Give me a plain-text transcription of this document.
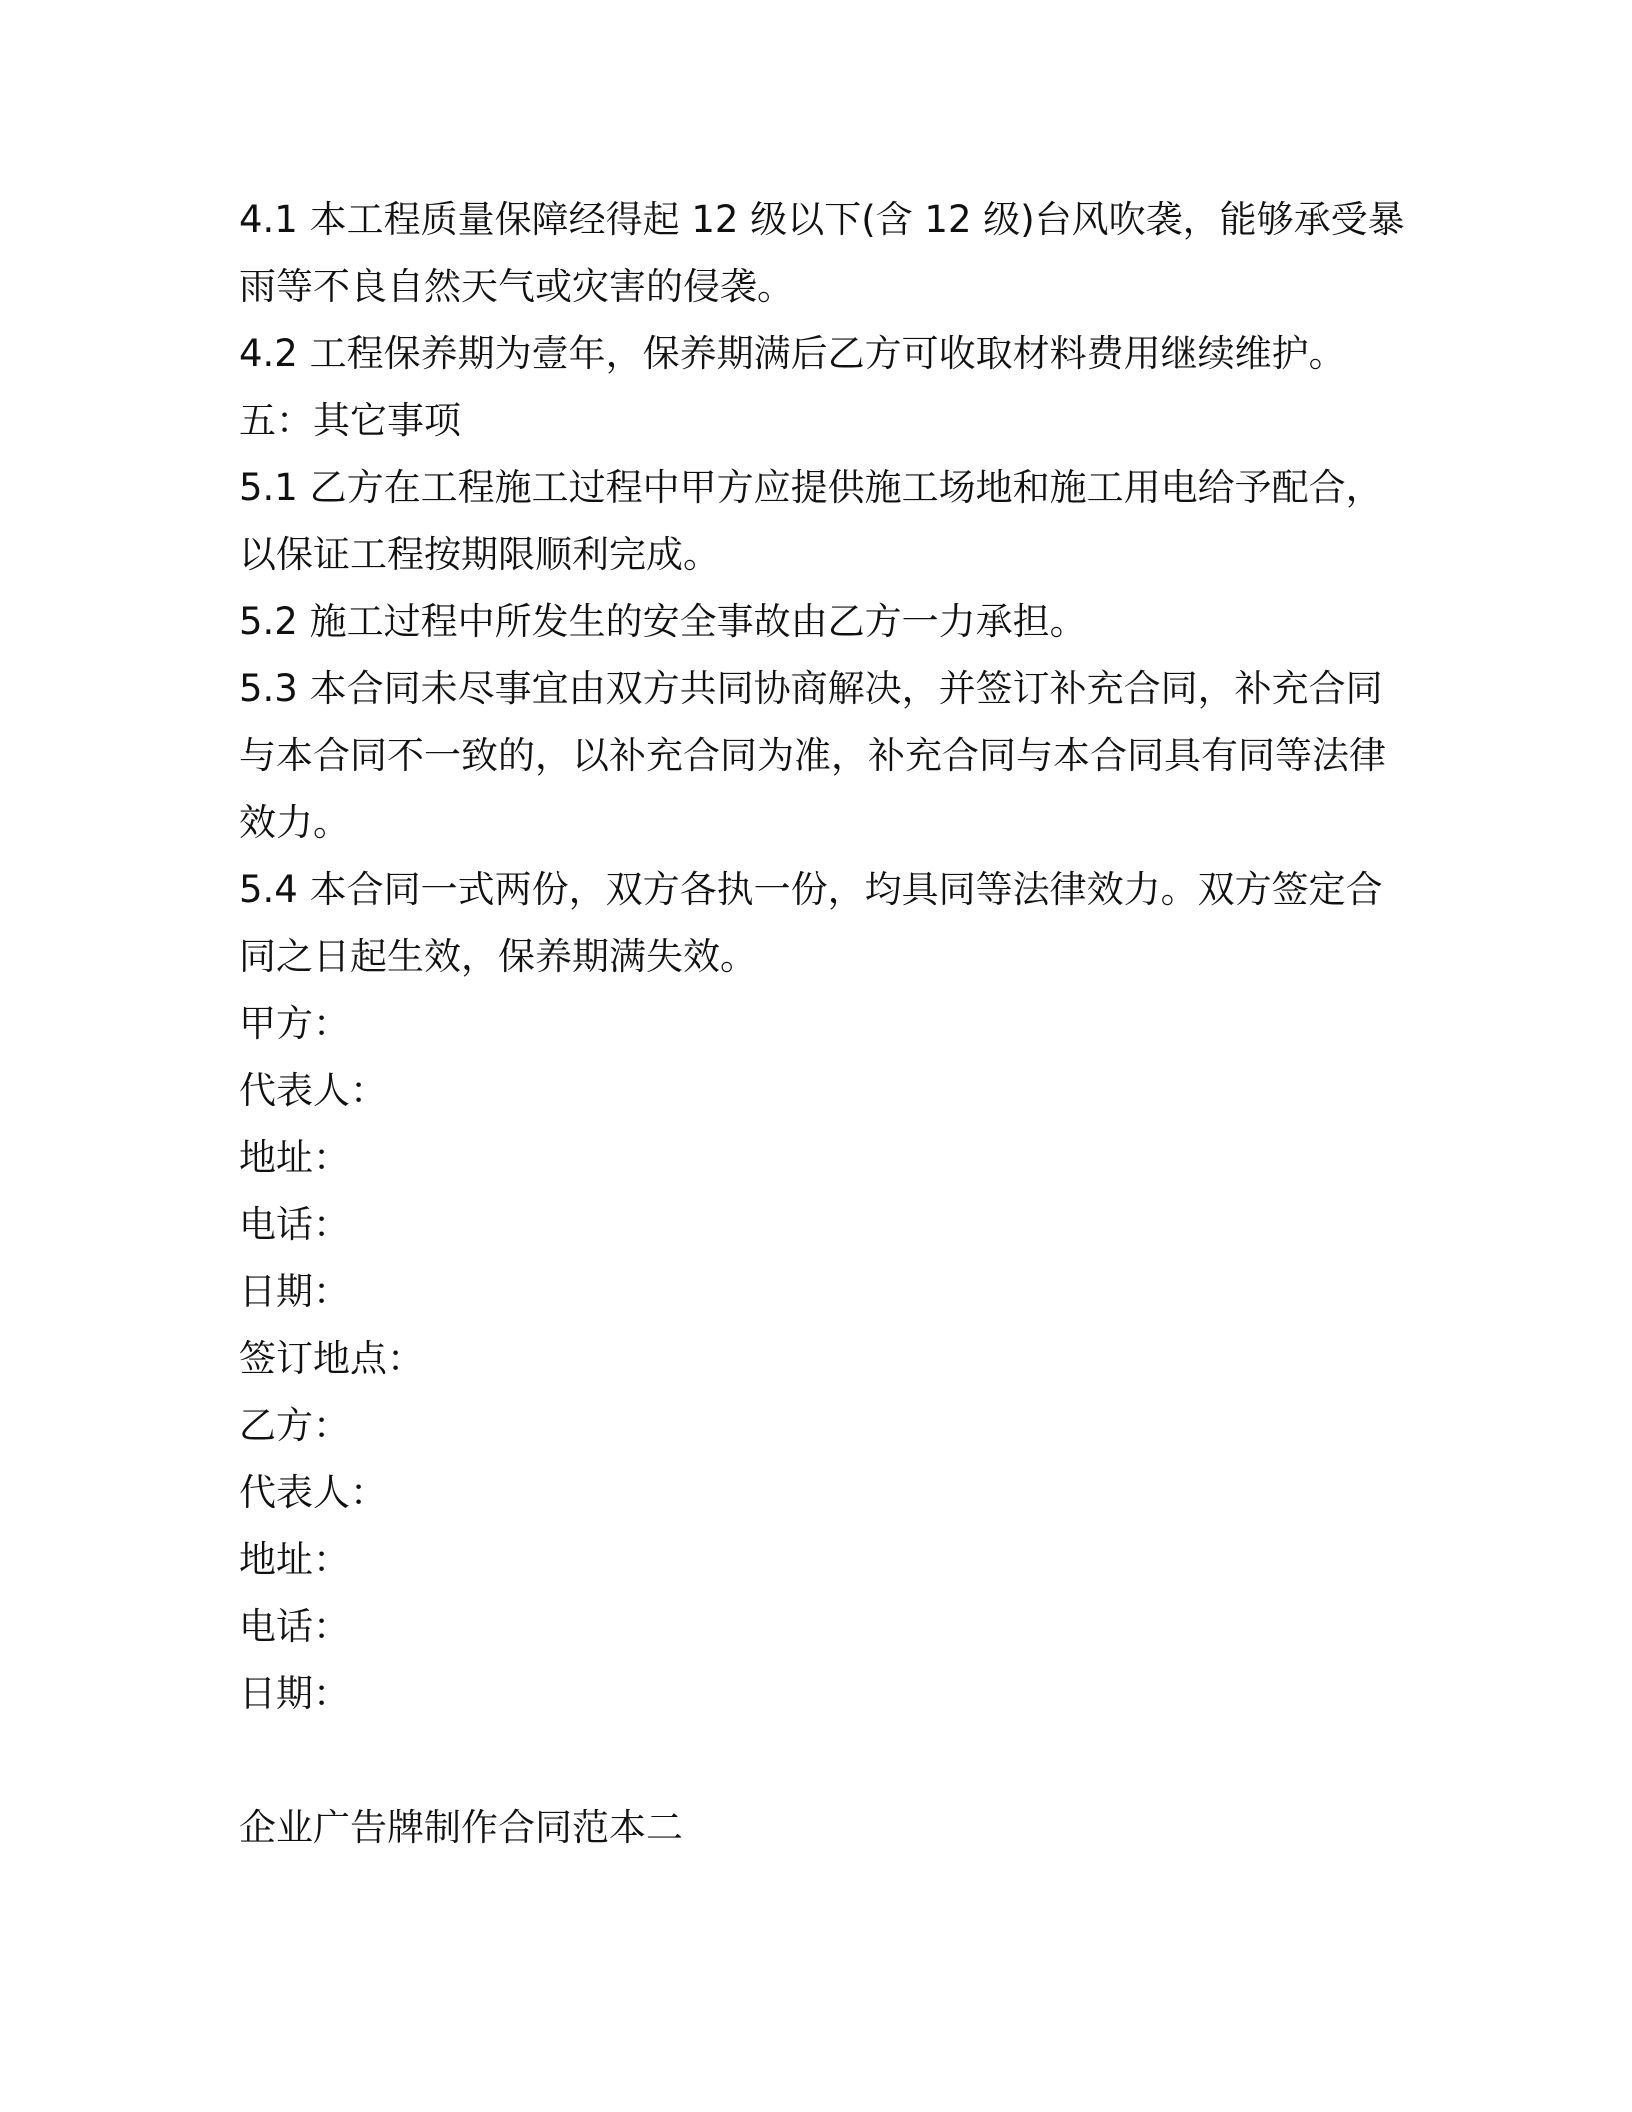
4.1 本工程质量保障经得起 12 级以下(含 12 级)台风吹袭，能够承受暴雨等不良自然天气或灾害的侵袭。

4.2 工程保养期为壹年，保养期满后乙方可收取材料费用继续维护。五：其它事项

5.1 乙方在工程施工过程中甲方应提供施工场地和施工用电给予配合，以保证工程按期限顺利完成。

5.2 施工过程中所发生的安全事故由乙方一力承担。

5.3 本合同未尽事宜由双方共同协商解决，并签订补充合同，补充合同与本合同不一致的，以补充合同为准，补充合同与本合同具有同等法律效力。

5.4 本合同一式两份，双方各执一份，均具同等法律效力。双方签定合同之日起生效，保养期满失效。

甲方：

代表人：

地址：

电话：

日期：

签订地点：

乙方：

代表人：

地址：

电话：

日期：

企业广告牌制作合同范本二
